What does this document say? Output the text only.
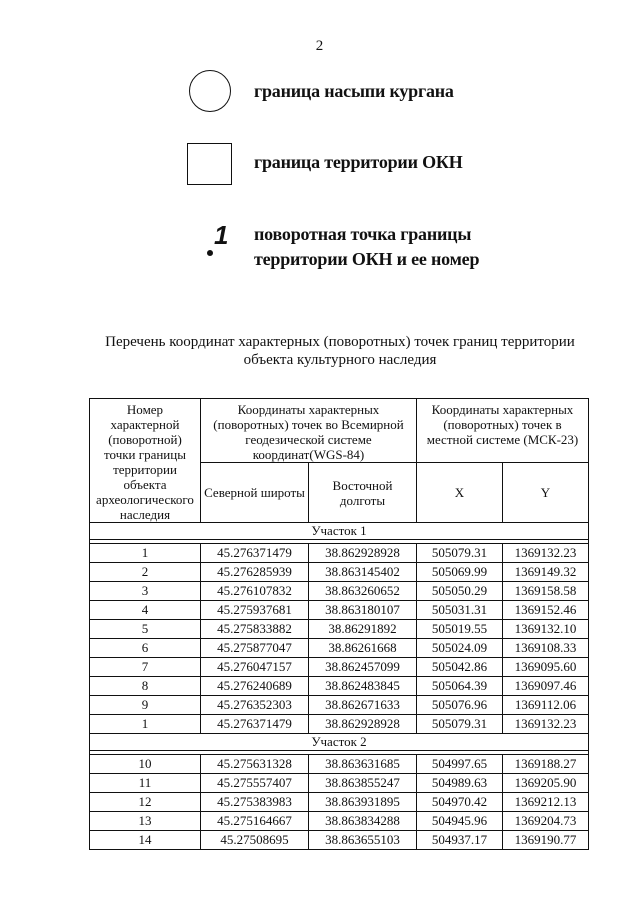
2
граница насыпи кургана
граница территории ОКН
1 поворотная точка границы
территории ОКН и ее номер
Перечень координат характерных (поворотных) точек границ территории
объекта культурного наследия
Номер характерной (поворотной) точки границы территории объекта археологического наследия	Координаты характерных (поворотных) точек во Всемирной геодезической системе координат(WGS-84)		Координаты характерных (поворотных) точек в местной системе (МСК-23)	
	Северной широты	Восточной долготы	X	Y
Участок 1				

1	45.276371479	38.862928928	505079.31	1369132.23
2	45.276285939	38.863145402	505069.99	1369149.32
3	45.276107832	38.863260652	505050.29	1369158.58
4	45.275937681	38.863180107	505031.31	1369152.46
5	45.275833882	38.86291892	505019.55	1369132.10
6	45.275877047	38.86261668	505024.09	1369108.33
7	45.276047157	38.862457099	505042.86	1369095.60
8	45.276240689	38.862483845	505064.39	1369097.46
9	45.276352303	38.862671633	505076.96	1369112.06
1	45.276371479	38.862928928	505079.31	1369132.23
Участок 2				

10	45.275631328	38.863631685	504997.65	1369188.27
11	45.275557407	38.863855247	504989.63	1369205.90
12	45.275383983	38.863931895	504970.42	1369212.13
13	45.275164667	38.863834288	504945.96	1369204.73
14	45.27508695	38.863655103	504937.17	1369190.77
